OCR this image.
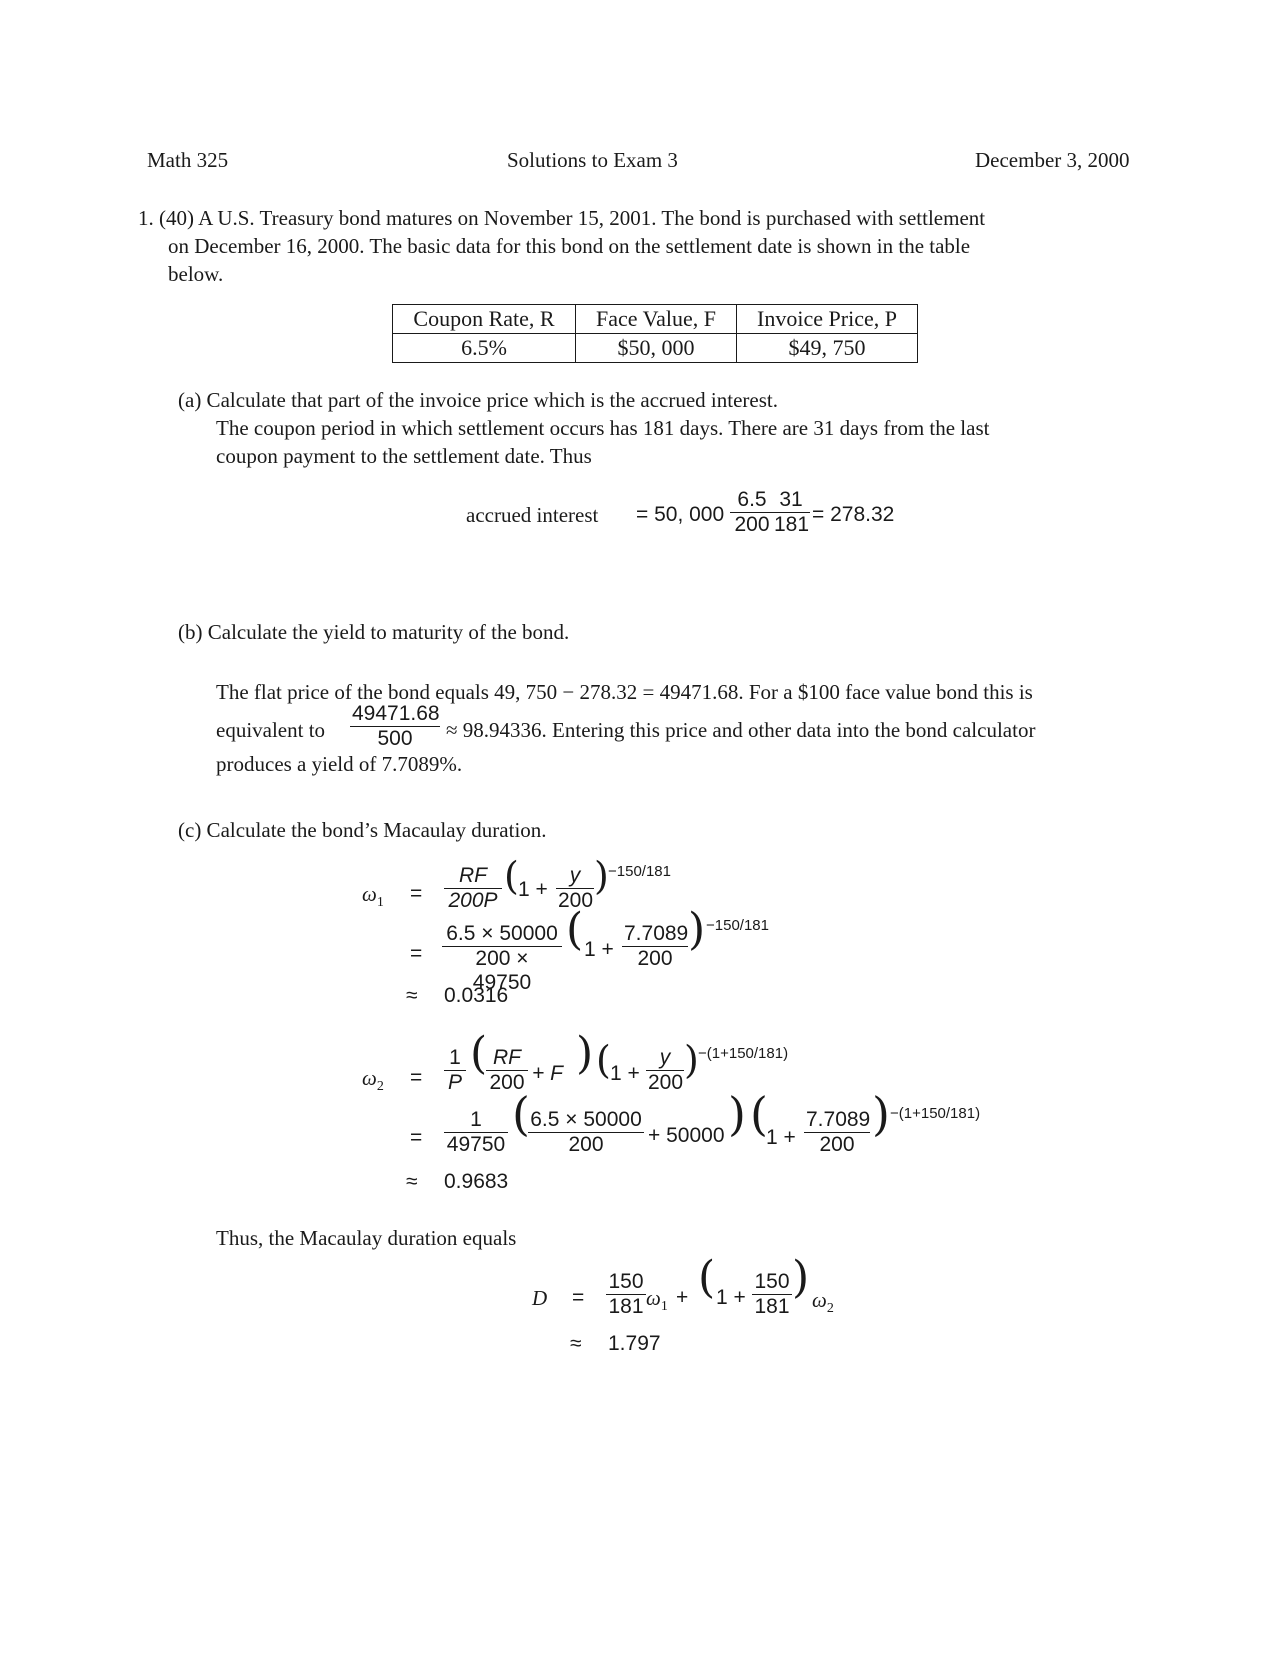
Math 325	Solutions to Exam 3	December 3, 2000
1. (40) A U.S. Treasury bond matures on November 15, 2001. The bond is purchased with settlement
on December 16, 2000. The basic data for this bond on the settlement date is shown in the table
below.
Coupon Rate, R	Face Value, F	Invoice Price, P
6.5%	$50, 000	$49, 750
(a) Calculate that part of the invoice price which is the accrued interest.
The coupon period in which settlement occurs has 181 days. There are 31 days from the last
coupon payment to the settlement date. Thus
accrued interest = 50, $000 \frac{6.5}{200}$
$\frac{31}{181} = 278.32$
(b) Calculate the yield to maturity of the bond.
The flat price of the bond equals 49, 750 − 278.32 = 49471.68. For a $100 face value bond this is
equivalent to $\frac{49471.68}{500} \approx 98.94336$. Entering this price and other data into the bond calculator
produces a yield of 7.7089%.
(c) Calculate the bond’s Macaulay duration.
$\omega_1 = \frac{RF}{200P}$ ( $1 + \frac{y}{200}$ ) −150/181
= $\frac{6.5 \times 50000}{200 \times 49750}$ ( $1 + \frac{7.7089}{200}$ ) −150/181
≈ 0.0316
$\omega_2 = \frac{1}{P}$ (
$\frac{RF}{200} + F$ ) ( $1 + \frac{y}{200}$ ) −(1+150/181)
= $\frac{1}{49750}$ (
$\frac{6.5 \times 50000}{200} + 50000$ ) (
$1 + \frac{7.7089}{200}$ ) −(1+150/181)
≈ 0.9683
Thus, the Macaulay duration equals
$D = \frac{150}{181} \omega_1$ + ( $1 + \frac{150}{181}$ ) $\omega_2$
≈ 1.797
